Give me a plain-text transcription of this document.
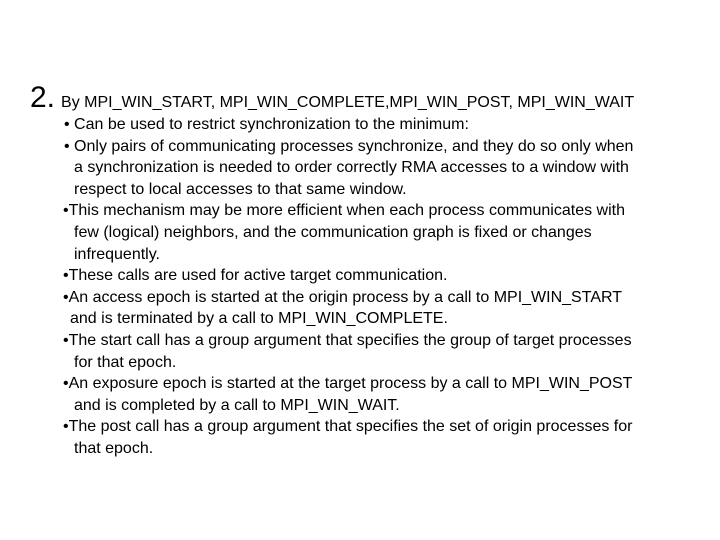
2. By MPI_WIN_START, MPI_WIN_COMPLETE,MPI_WIN_POST, MPI_WIN_WAIT
• Can be used to restrict synchronization to the minimum:
• Only pairs of communicating processes synchronize, and they do so only when
a synchronization is needed to order correctly RMA accesses to a window with
respect to local accesses to that same window.
•This mechanism may be more efficient when each process communicates with
few (logical) neighbors, and the communication graph is fixed or changes
infrequently.
•These calls are used for active target communication.
•An access epoch is started at the origin process by a call to MPI_WIN_START
and is terminated by a call to MPI_WIN_COMPLETE.
•The start call has a group argument that specifies the group of target processes
for that epoch.
•An exposure epoch is started at the target process by a call to MPI_WIN_POST
and is completed by a call to MPI_WIN_WAIT.
•The post call has a group argument that specifies the set of origin processes for
that epoch.
